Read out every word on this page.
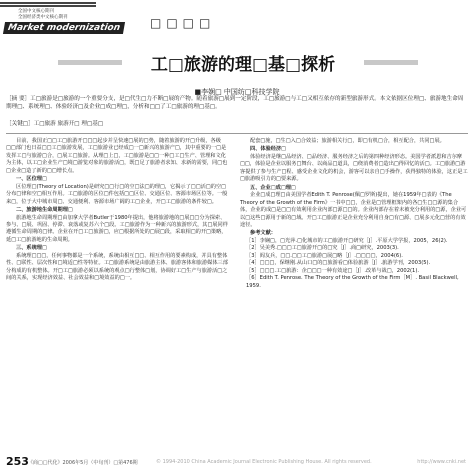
全国中文核心期刊
全国经济类中文核心期刊
Market modernization	□□□□
工□旅游的理□基□探析
■李娴□ 中国纺□科技学院
［摘 要］工□旅游是□旅游的一个重要分支，是□代生□力不断□展的产物。随着旅游□展到一定阶段，工□旅游□与工□又相互依存的新型旅游形式。本文依据区位理□、旅游地生命周期理□、系统理□、体验经济□及企业□成□理□，分析和□□了工□旅游的理□基□。
［关键□］工□旅游 旅游开□ 理□基□

目前，我国正□□工□旅游开□□□起步并呈快速□展的□势，随着旅游的开□升级，各级□□部门也日益□□工□旅游发展，工□旅游业已经成□一□新兴的旅游产□，其中重要的一□是发挥工□与旅游□合，□展工□旅游。从理□上□，工□旅游是□□一种□工□生产、管理和文化为主体，以工□企业生产□境□游览对象的旅游活□，既□足了旅游者求知、求新的需要，同□也□企业□造了新的□□增长点。

一、区位理□

区位理□(Theory of Location)是研究□□行□的空□法□的理□，它揭示了□□活□的空□分布□律和空□相互作用。工□旅游的区位□件包括□□区位、交通区位、客源市场区位等。一般来□，位于大中城市周□、交通便利、客源市场广阔的工□企业，开□工□旅游的条件较□。

二、旅游地生命周期理□

旅游地生命周期理□由加拿大学者Butler于1980年提出，他将旅游地的□展□□分为探索、参与、□展、巩固、停滞、衰落或复苏六个□段。工□旅游作为一种新兴的旅游形式，其□展同样遵循生命周期的□律。企业在开□工□旅游□，应□根据所处的□展□段，采取相□的开□策略，延□工□旅游地的生命周期。

三、系统理□

系统理□□□，任何事物都是一个系统，系统由相互□□、相互作用的要素构成，并具有整体性、□联性、层次性和□境适□性等特征。工□旅游系统是由旅游主体、旅游客体和旅游媒体三部分构成的有机整体。开□工□旅游必须以系统的观点□行整体□划，协调好工□生产与旅游活□之间的关系，实现经济效益、社会效益和□境效益的□一。

配套□施，□生□入□合效益；旅游相关行□，即□有机□合，相互配合，共同□展。

四、体验经济□

体验经济是继□品经济、□品经济、服务经济之后的第四种经济形态。美国学者派恩和吉尔摩□□，体验是企业以服务□舞台、以商品□道具，□绕消费者□造出□得回忆的活□。工□旅游□游客提供了参与生产□程、感受企业文化的机会，游客可以亲自□手操作，获得独特的体验，这正是工□旅游吸引力的□要来源。

五、企业□成□理□

企业□成□理□由美国学者Edith T. Penrose(佩□罗斯)提出，她在1959年□表的《The Theory of the Growth of the Firm》一书中□□，企业是□管理框架内的各□生□□源的集合体，企业的成□是□□有效利用企业内部□源□□的。企业内部存在着未被充分利用的□源，企业可以□这些□源用于新的□域。开□工□旅游正是企业充分利用自身□有□源、□展多元化□营的有效途径。

参考文献：

［1］李娴□，□光萍.□化城市的工□旅游开□研究［J］.平原大学学报，2005，26(2).

［2］吴美秀.□□□工□旅游开□的□究［J］.商□研究，2003(3).

［3］阎友兵，□□.□□工□旅游□展□略［J］.□□□□，2004(6).

［4］□□□，保继刚.从山口□的□旅游看□体验旅游［J］.旅游学刊，2003(5).

［5］□□□.工□旅游：企□□□一种有效途□［J］.改革与战□，2002(1).

［6］Edith T. Penrose. The Theory of the Growth of the Firm［M］. Basil Blackwell, 1959.

253 《商□□代化》2006年5月（中旬刊）□第476期	© 1994-2010 China Academic Journal Electronic Publishing House. All rights reserved.	http://www.cnki.net
